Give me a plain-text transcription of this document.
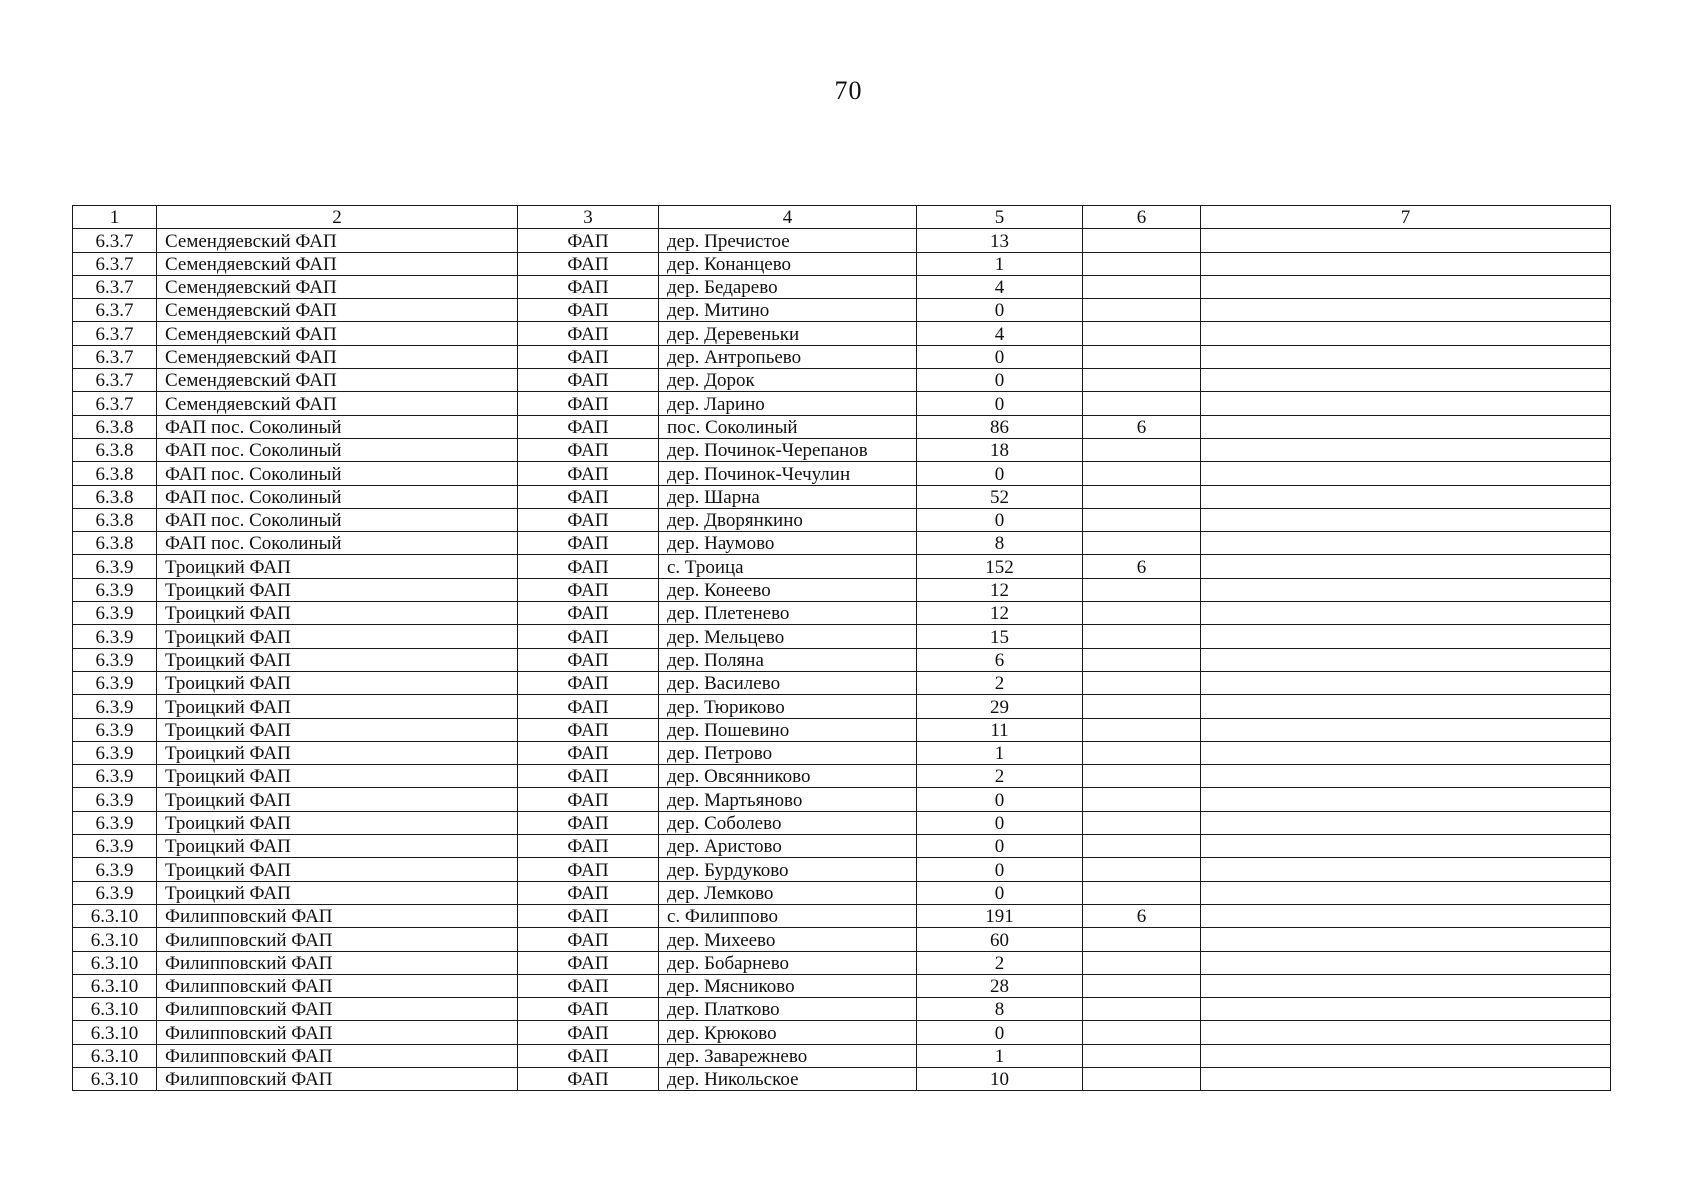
70
1	2	3	4	5	6	7
6.3.7	Семендяевский ФАП	ФАП	дер. Пречистое	13		
6.3.7	Семендяевский ФАП	ФАП	дер. Конанцево	1		
6.3.7	Семендяевский ФАП	ФАП	дер. Бедарево	4		
6.3.7	Семендяевский ФАП	ФАП	дер. Митино	0		
6.3.7	Семендяевский ФАП	ФАП	дер. Деревеньки	4		
6.3.7	Семендяевский ФАП	ФАП	дер. Антропьево	0		
6.3.7	Семендяевский ФАП	ФАП	дер. Дорок	0		
6.3.7	Семендяевский ФАП	ФАП	дер. Ларино	0		
6.3.8	ФАП пос. Соколиный	ФАП	пос. Соколиный	86	6	
6.3.8	ФАП пос. Соколиный	ФАП	дер. Починок-Черепанов	18		
6.3.8	ФАП пос. Соколиный	ФАП	дер. Починок-Чечулин	0		
6.3.8	ФАП пос. Соколиный	ФАП	дер. Шарна	52		
6.3.8	ФАП пос. Соколиный	ФАП	дер. Дворянкино	0		
6.3.8	ФАП пос. Соколиный	ФАП	дер. Наумово	8		
6.3.9	Троицкий ФАП	ФАП	с. Троица	152	6	
6.3.9	Троицкий ФАП	ФАП	дер. Конеево	12		
6.3.9	Троицкий ФАП	ФАП	дер. Плетенево	12		
6.3.9	Троицкий ФАП	ФАП	дер. Мельцево	15		
6.3.9	Троицкий ФАП	ФАП	дер. Поляна	6		
6.3.9	Троицкий ФАП	ФАП	дер. Василево	2		
6.3.9	Троицкий ФАП	ФАП	дер. Тюриково	29		
6.3.9	Троицкий ФАП	ФАП	дер. Пошевино	11		
6.3.9	Троицкий ФАП	ФАП	дер. Петрово	1		
6.3.9	Троицкий ФАП	ФАП	дер. Овсянниково	2		
6.3.9	Троицкий ФАП	ФАП	дер. Мартьяново	0		
6.3.9	Троицкий ФАП	ФАП	дер. Соболево	0		
6.3.9	Троицкий ФАП	ФАП	дер. Аристово	0		
6.3.9	Троицкий ФАП	ФАП	дер. Бурдуково	0		
6.3.9	Троицкий ФАП	ФАП	дер. Лемково	0		
6.3.10	Филипповский ФАП	ФАП	с. Филиппово	191	6	
6.3.10	Филипповский ФАП	ФАП	дер. Михеево	60		
6.3.10	Филипповский ФАП	ФАП	дер. Бобарнево	2		
6.3.10	Филипповский ФАП	ФАП	дер. Мясниково	28		
6.3.10	Филипповский ФАП	ФАП	дер. Платково	8		
6.3.10	Филипповский ФАП	ФАП	дер. Крюково	0		
6.3.10	Филипповский ФАП	ФАП	дер. Заварежнево	1		
6.3.10	Филипповский ФАП	ФАП	дер. Никольское	10		
